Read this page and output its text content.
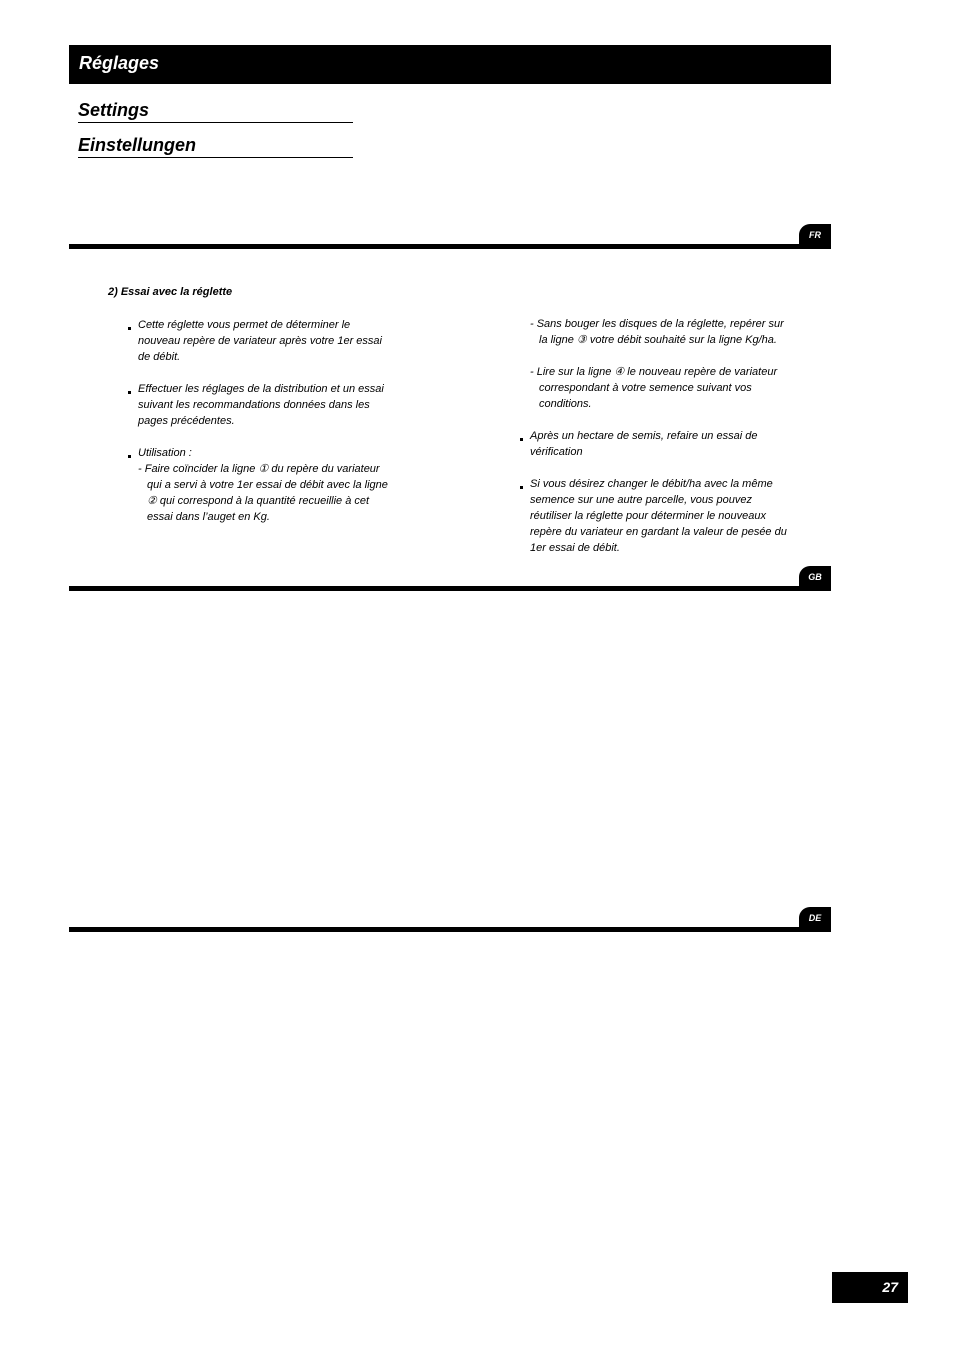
Réglages
Settings
Einstellungen
FR
2) Essai avec la réglette
Cette réglette vous permet de déterminer le
nouveau repère de variateur après votre 1er essai
de débit.
Effectuer les réglages de la distribution et un essai
suivant les recommandations données dans les
pages précédentes.
Utilisation :
- Faire coïncider la ligne ① du repère du variateur
qui a servi à votre 1er essai de débit avec la ligne
② qui correspond à la quantité recueillie à cet
essai dans l’auget en Kg.
- Sans bouger les disques de la réglette, repérer sur
la ligne ③ votre débit souhaité sur la ligne Kg/ha.
- Lire sur la ligne ④ le nouveau repère de variateur
correspondant à votre semence suivant vos
conditions.
Après un hectare de semis, refaire un essai de
vérification
Si vous désirez changer le débit/ha avec la même
semence sur une autre parcelle, vous pouvez
réutiliser la réglette pour déterminer le nouveaux
repère du variateur en gardant la valeur de pesée du
1er essai de débit.
GB
DE
27
